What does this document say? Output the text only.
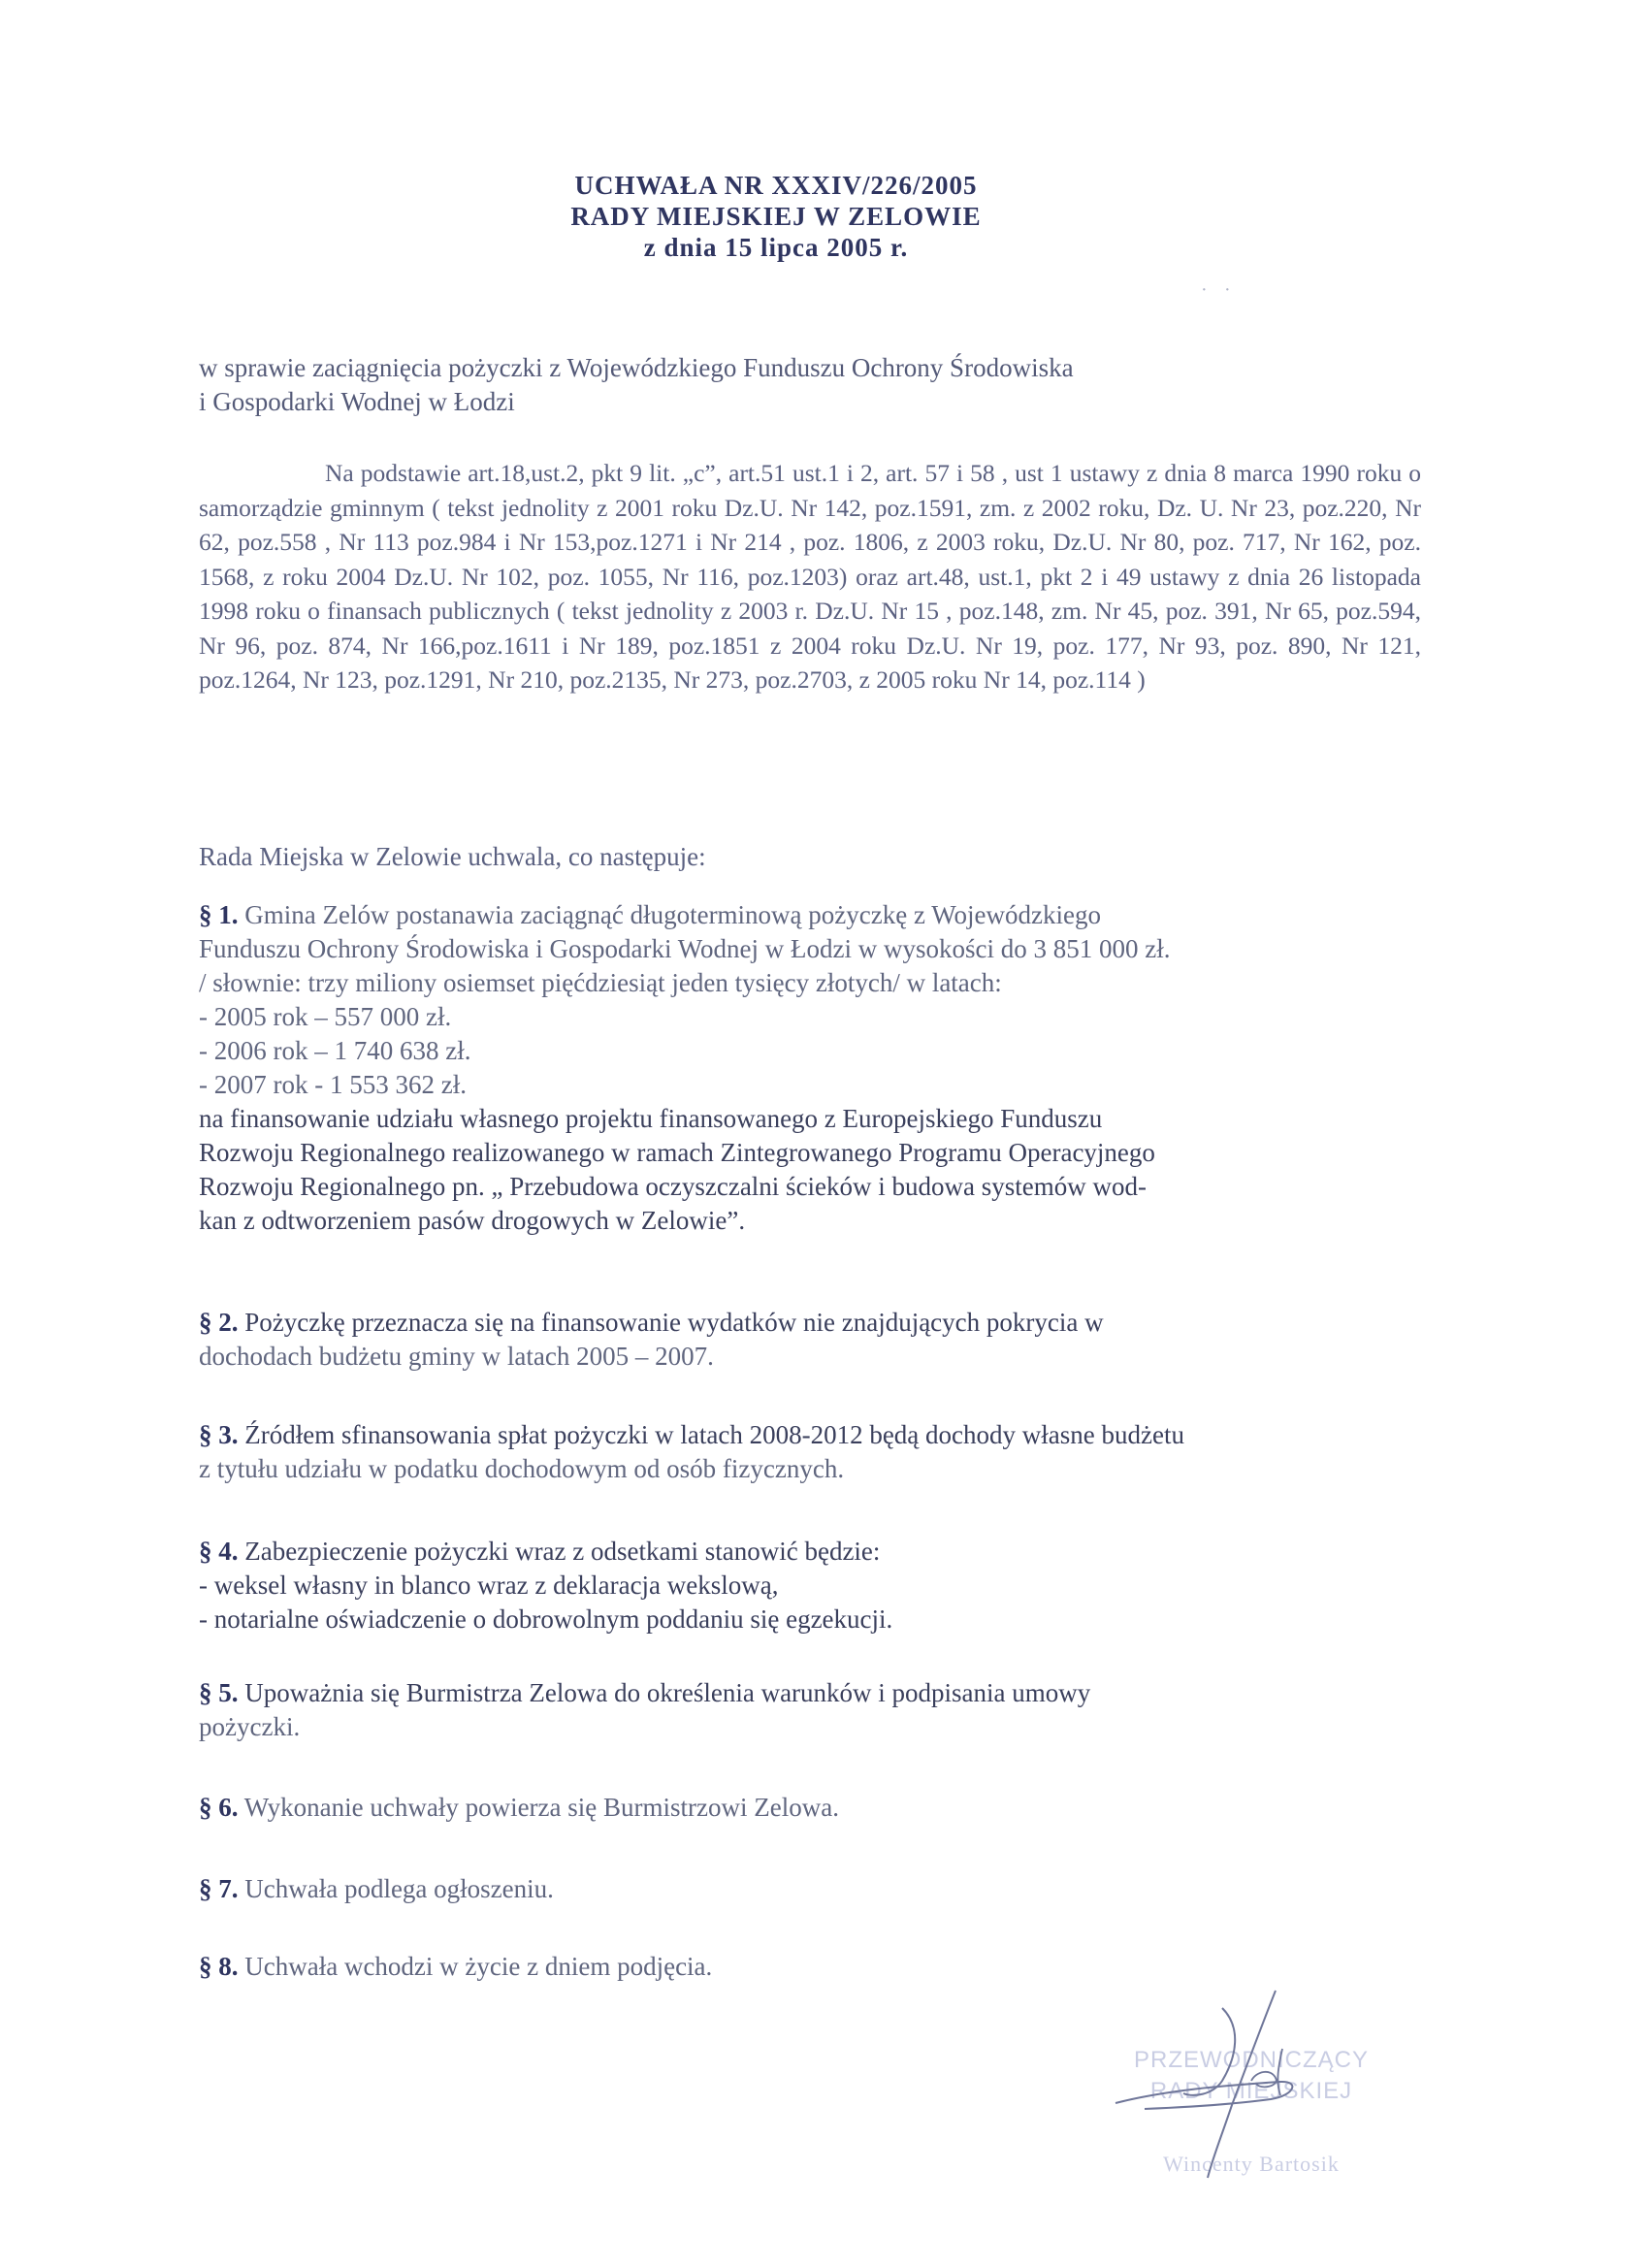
UCHWAŁA NR XXXIV/226/2005
RADY MIEJSKIEJ W ZELOWIE
z dnia 15 lipca 2005 r.
w sprawie zaciągnięcia pożyczki z Wojewódzkiego Funduszu Ochrony Środowiska
i Gospodarki Wodnej w Łodzi
Na podstawie art.18,ust.2, pkt 9 lit. „c”, art.51 ust.1 i 2, art. 57 i 58 , ust 1 ustawy z dnia 8 marca 1990 roku o samorządzie gminnym ( tekst jednolity z 2001 roku Dz.U. Nr 142, poz.1591, zm. z 2002 roku, Dz. U. Nr 23, poz.220, Nr 62, poz.558 , Nr 113 poz.984 i Nr 153,poz.1271 i Nr 214 , poz. 1806, z 2003 roku, Dz.U. Nr 80, poz. 717, Nr 162, poz. 1568, z roku 2004 Dz.U. Nr 102, poz. 1055, Nr 116, poz.1203) oraz art.48, ust.1, pkt 2 i 49 ustawy z dnia 26 listopada 1998 roku o finansach publicznych ( tekst jednolity z 2003 r. Dz.U. Nr 15 , poz.148, zm. Nr 45, poz. 391, Nr 65, poz.594, Nr 96, poz. 874, Nr 166,poz.1611 i Nr 189, poz.1851 z 2004 roku Dz.U. Nr 19, poz. 177, Nr 93, poz. 890, Nr 121, poz.1264, Nr 123, poz.1291, Nr 210, poz.2135, Nr 273, poz.2703, z 2005 roku Nr 14, poz.114 )
Rada Miejska w Zelowie uchwala, co następuje:
§ 1. Gmina Zelów postanawia zaciągnąć długoterminową pożyczkę z Wojewódzkiego
Funduszu Ochrony Środowiska i Gospodarki Wodnej w Łodzi w wysokości do 3 851 000 zł.
/ słownie: trzy miliony osiemset pięćdziesiąt jeden tysięcy złotych/ w latach:
- 2005 rok – 557 000 zł.
- 2006 rok – 1 740 638 zł.
- 2007 rok - 1 553 362 zł.
na finansowanie udziału własnego projektu finansowanego z Europejskiego Funduszu
Rozwoju Regionalnego realizowanego w ramach Zintegrowanego Programu Operacyjnego
Rozwoju Regionalnego pn. „ Przebudowa oczyszczalni ścieków i budowa systemów wod-
kan z odtworzeniem pasów drogowych w Zelowie”.
§ 2. Pożyczkę przeznacza się na finansowanie wydatków nie znajdujących pokrycia w
dochodach budżetu gminy w latach 2005 – 2007.
§ 3. Źródłem sfinansowania spłat pożyczki w latach 2008-2012 będą dochody własne budżetu
z tytułu udziału w podatku dochodowym od osób fizycznych.
§ 4. Zabezpieczenie pożyczki wraz z odsetkami stanowić będzie:
- weksel własny in blanco wraz z deklaracja wekslową,
- notarialne oświadczenie o dobrowolnym poddaniu się egzekucji.
§ 5. Upoważnia się Burmistrza Zelowa do określenia warunków i podpisania umowy
pożyczki.
§ 6. Wykonanie uchwały powierza się Burmistrzowi Zelowa.
§ 7. Uchwała podlega ogłoszeniu.
§ 8. Uchwała wchodzi w życie z dniem podjęcia.
PRZEWODNICZĄCY
RADY MIEJSKIEJ
Wincenty Bartosik
· ·
